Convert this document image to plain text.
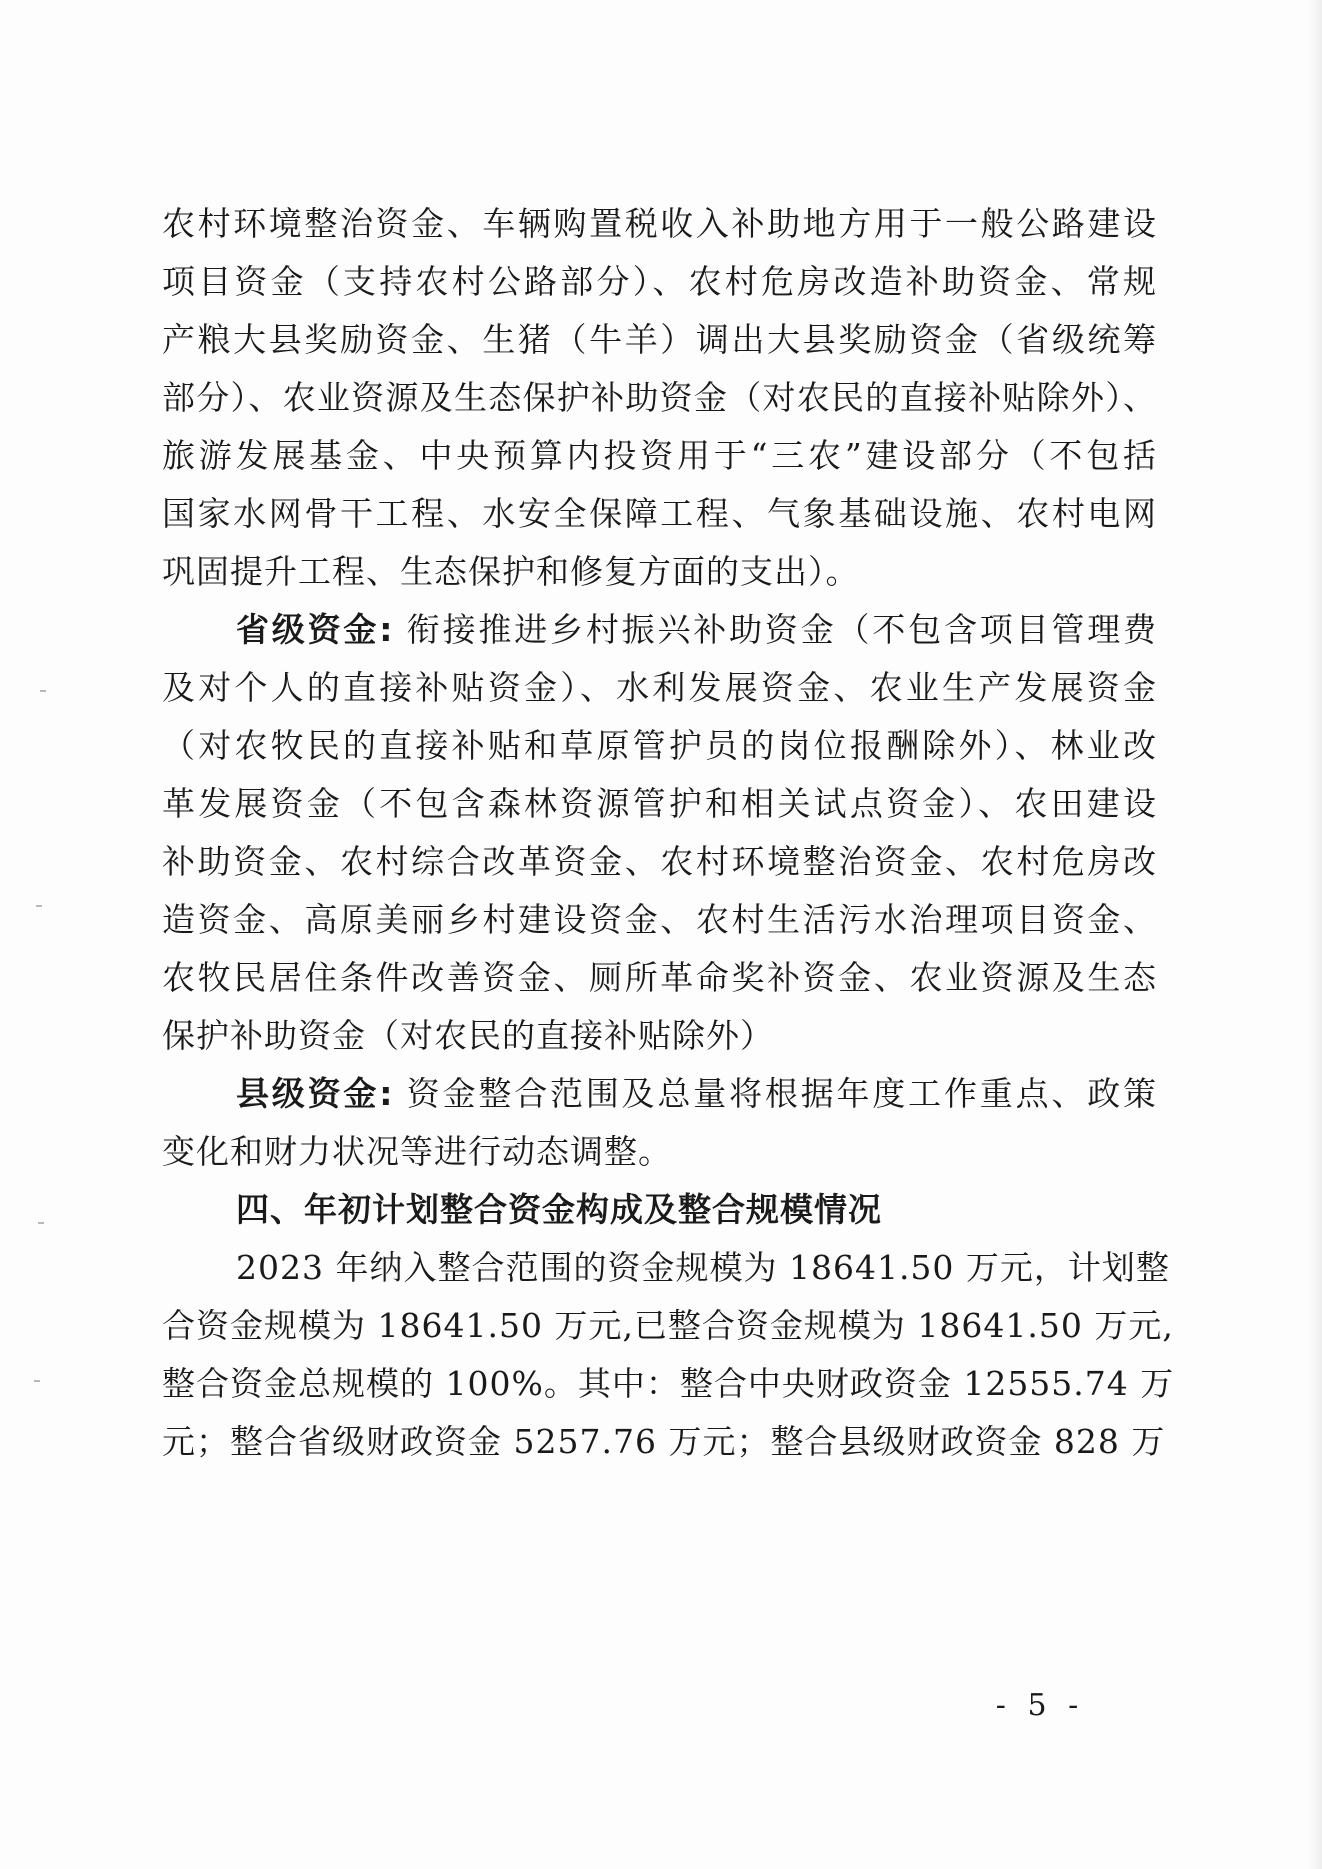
农村环境整治资金、车辆购置税收入补助地方用于一般公路建设
项目资金（支持农村公路部分）、农村危房改造补助资金、常规
产粮大县奖励资金、生猪（牛羊）调出大县奖励资金（省级统筹
部分）、农业资源及生态保护补助资金（对农民的直接补贴除外）、
旅游发展基金、中央预算内投资用于“三农”建设部分（不包括
国家水网骨干工程、水安全保障工程、气象基础设施、农村电网
巩固提升工程、生态保护和修复方面的支出）。
省级资金: 衔接推进乡村振兴补助资金（不包含项目管理费
及对个人的直接补贴资金）、水利发展资金、农业生产发展资金
（对农牧民的直接补贴和草原管护员的岗位报酬除外）、林业改
革发展资金（不包含森林资源管护和相关试点资金）、农田建设
补助资金、农村综合改革资金、农村环境整治资金、农村危房改
造资金、高原美丽乡村建设资金、农村生活污水治理项目资金、
农牧民居住条件改善资金、厕所革命奖补资金、农业资源及生态
保护补助资金（对农民的直接补贴除外）
县级资金: 资金整合范围及总量将根据年度工作重点、政策
变化和财力状况等进行动态调整。
四、年初计划整合资金构成及整合规模情况
2023 年纳入整合范围的资金规模为 18641.50 万元，计划整
合资金规模为 18641.50 万元,已整合资金规模为 18641.50 万元,
整合资金总规模的 100%。其中：整合中央财政资金 12555.74 万
元；整合省级财政资金 5257.76 万元；整合县级财政资金 828 万
- 5 -
